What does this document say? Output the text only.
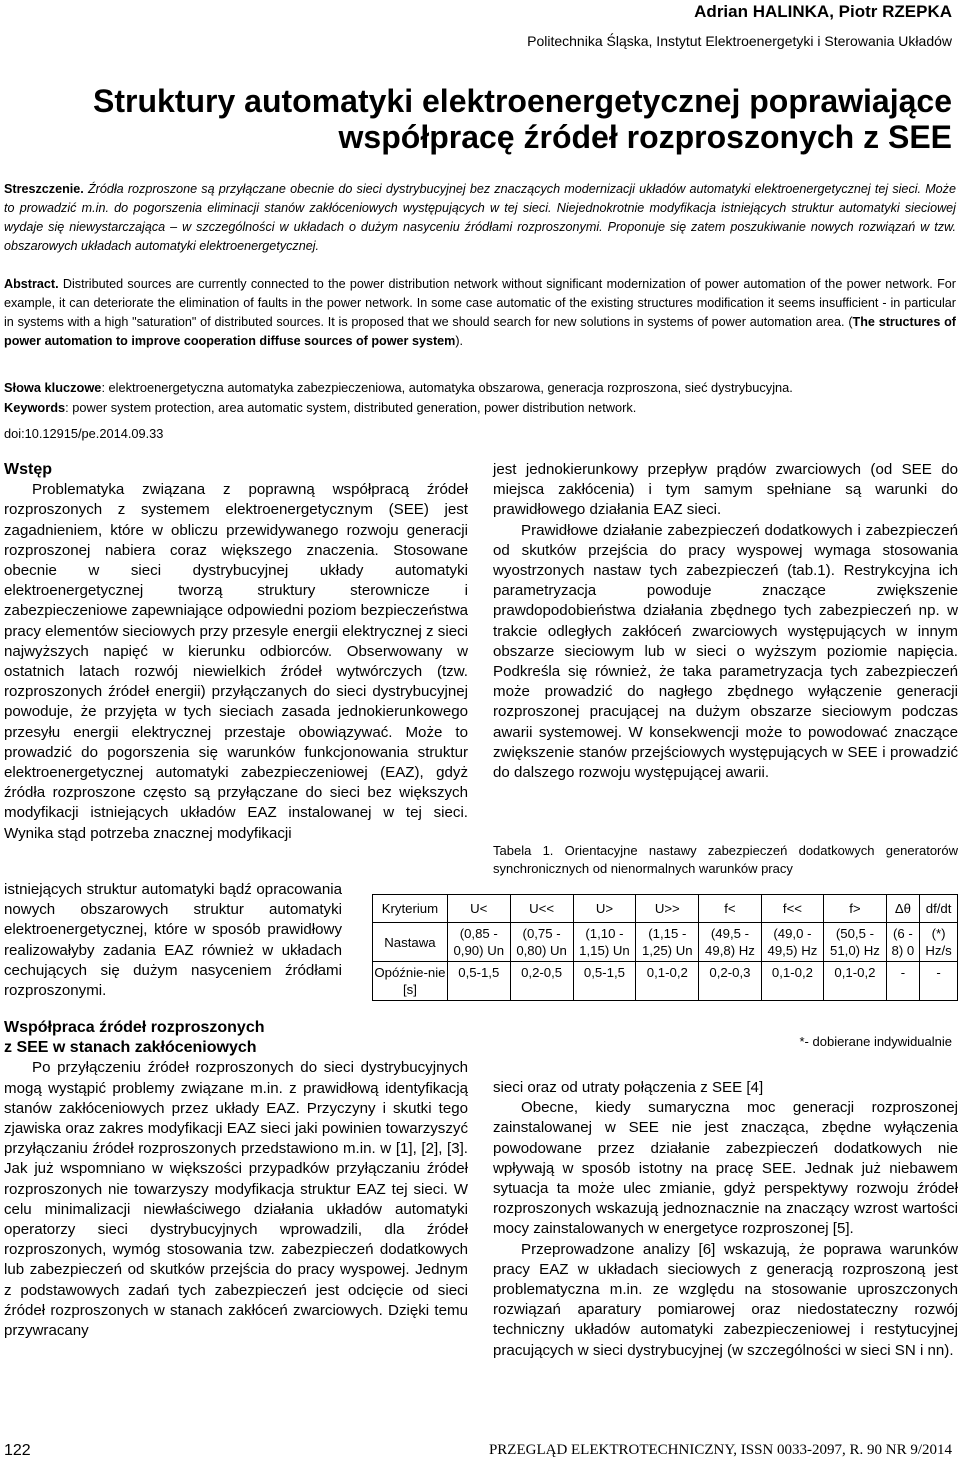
Adrian HALINKA, Piotr RZEPKA
Politechnika Śląska, Instytut Elektroenergetyki i Sterowania Układów
Struktury automatyki elektroenergetycznej poprawiające
współpracę źródeł rozproszonych z SEE
Streszczenie. Źródła rozproszone są przyłączane obecnie do sieci dystrybucyjnej bez znaczących modernizacji układów automatyki elektroenergetycznej tej sieci. Może to prowadzić m.in. do pogorszenia eliminacji stanów zakłóceniowych występujących w tej sieci. Niejednokrotnie modyfikacja istniejących struktur automatyki sieciowej wydaje się niewystarczająca – w szczególności w układach o dużym nasyceniu źródłami rozproszonymi. Proponuje się zatem poszukiwanie nowych rozwiązań w tzw. obszarowych układach automatyki elektroenergetycznej.
Abstract. Distributed sources are currently connected to the power distribution network without significant modernization of power automation of the power network. For example, it can deteriorate the elimination of faults in the power network. In some case automatic of the existing structures modification it seems insufficient - in particular in systems with a high "saturation" of distributed sources. It is proposed that we should search for new solutions in systems of power automation area. (The structures of power automation to improve cooperation diffuse sources of power system).
Słowa kluczowe: elektroenergetyczna automatyka zabezpieczeniowa, automatyka obszarowa, generacja rozproszona, sieć dystrybucyjna.
Keywords: power system protection, area automatic system, distributed generation, power distribution network.
doi:10.12915/pe.2014.09.33
Wstęp

Problematyka związana z poprawną współpracą źródeł rozproszonych z systemem elektroenergetycznym (SEE) jest zagadnieniem, które w obliczu przewidywanego rozwoju generacji rozproszonej nabiera coraz większego znaczenia. Stosowane obecnie w sieci dystrybucyjnej układy automatyki elektroenergetycznej tworzą struktury sterownicze i zabezpieczeniowe zapewniające odpowiedni poziom bezpieczeństwa pracy elementów sieciowych przy przesyle energii elektrycznej z sieci najwyższych napięć w kierunku odbiorców. Obserwowany w ostatnich latach rozwój niewielkich źródeł wytwórczych (tzw. rozproszonych źródeł energii) przyłączanych do sieci dystrybucyjnej powoduje, że przyjęta w tych sieciach zasada jednokierunkowego przesyłu energii elektrycznej przestaje obowiązywać. Może to prowadzić do pogorszenia się warunków funkcjonowania struktur elektroenergetycznej automatyki zabezpieczeniowej (EAZ), gdyż źródła rozproszone często są przyłączane do sieci bez większych modyfikacji istniejących układów EAZ instalowanej w tej sieci. Wynika stąd potrzeba znacznej modyfikacji

istniejących struktur automatyki bądź opracowania nowych obszarowych struktur automatyki elektroenergetycznej, które w sposób prawidłowy realizowałyby zadania EAZ również w układach cechujących się dużym nasyceniem źródłami rozproszonymi.
Współpraca źródeł rozproszonych
z SEE w stanach zakłóceniowych

Po przyłączeniu źródeł rozproszonych do sieci dystrybucyjnych mogą wystąpić problemy związane m.in. z prawidłową identyfikacją stanów zakłóceniowych przez układy EAZ. Przyczyny i skutki tego zjawiska oraz zakres modyfikacji EAZ sieci jaki powinien towarzyszyć przyłączaniu źródeł rozproszonych przedstawiono m.in. w [1], [2], [3]. Jak już wspomniano w większości przypadków przyłączaniu źródeł rozproszonych nie towarzyszy modyfikacja struktur EAZ tej sieci. W celu minimalizacji niewłaściwego działania układów automatyki operatorzy sieci dystrybucyjnych wprowadzili, dla źródeł rozproszonych, wymóg stosowania tzw. zabezpieczeń dodatkowych lub zabezpieczeń od skutków przejścia do pracy wyspowej. Jednym z podstawowych zadań tych zabezpieczeń jest odcięcie od sieci źródeł rozproszonych w stanach zakłóceń zwarciowych. Dzięki temu przywracany

jest jednokierunkowy przepływ prądów zwarciowych (od SEE do miejsca zakłócenia) i tym samym spełniane są warunki do prawidłowego działania EAZ sieci.

Prawidłowe działanie zabezpieczeń dodatkowych i zabezpieczeń od skutków przejścia do pracy wyspowej wymaga stosowania wyostrzonych nastaw tych zabezpieczeń (tab.1). Restrykcyjna ich parametryzacja powoduje znaczące zwiększenie prawdopodobieństwa działania zbędnego tych zabezpieczeń np. w trakcie odległych zakłóceń zwarciowych występujących w innym obszarze sieciowym lub w sieci o wyższym poziomie napięcia. Podkreśla się również, że taka parametryzacja tych zabezpieczeń może prowadzić do nagłego zbędnego wyłączenie generacji rozproszonej pracującej na dużym obszarze sieciowym podczas awarii systemowej. W konsekwencji może to powodować znaczące zwiększenie stanów przejściowych występujących w SEE i prowadzić do dalszego rozwoju występującej awarii.

Tabela 1. Orientacyjne nastawy zabezpieczeń dodatkowych generatorów synchronicznych od nienormalnych warunków pracy
Kryterium	U<	U<<	U>	U>>	f<	f<<	f>	Δθ	df/dt
Nastawa	(0,85 - 0,90) Un	(0,75 - 0,80) Un	(1,10 - 1,15) Un	(1,15 - 1,25) Un	(49,5 - 49,8) Hz	(49,0 - 49,5) Hz	(50,5 - 51,0) Hz	(6 - 8) 0	(*) Hz/s
Opóźnie-nie [s]	0,5-1,5	0,2-0,5	0,5-1,5	0,1-0,2	0,2-0,3	0,1-0,2	0,1-0,2	-	-
*- dobierane indywidualnie

sieci oraz od utraty połączenia z SEE [4]

Obecne, kiedy sumaryczna moc generacji rozproszonej zainstalowanej w SEE nie jest znacząca, zbędne wyłączenia powodowane przez działanie zabezpieczeń dodatkowych nie wpływają w sposób istotny na pracę SEE. Jednak już niebawem sytuacja ta może ulec zmianie, gdyż perspektywy rozwoju źródeł rozproszonych wskazują jednoznacznie na znaczący wzrost wartości mocy zainstalowanych w energetyce rozproszonej [5].

Przeprowadzone analizy [6] wskazują, że poprawa warunków pracy EAZ w układach sieciowych z generacją rozproszoną jest problematyczna m.in. ze względu na stosowanie uproszczonych rozwiązań aparatury pomiarowej oraz niedostateczny rozwój techniczny układów automatyki zabezpieczeniowej i restytucyjnej pracujących w sieci dystrybucyjnej (w szczególności w sieci SN i nn).

122	PRZEGLĄD ELEKTROTECHNICZNY, ISSN 0033-2097, R. 90 NR 9/2014
